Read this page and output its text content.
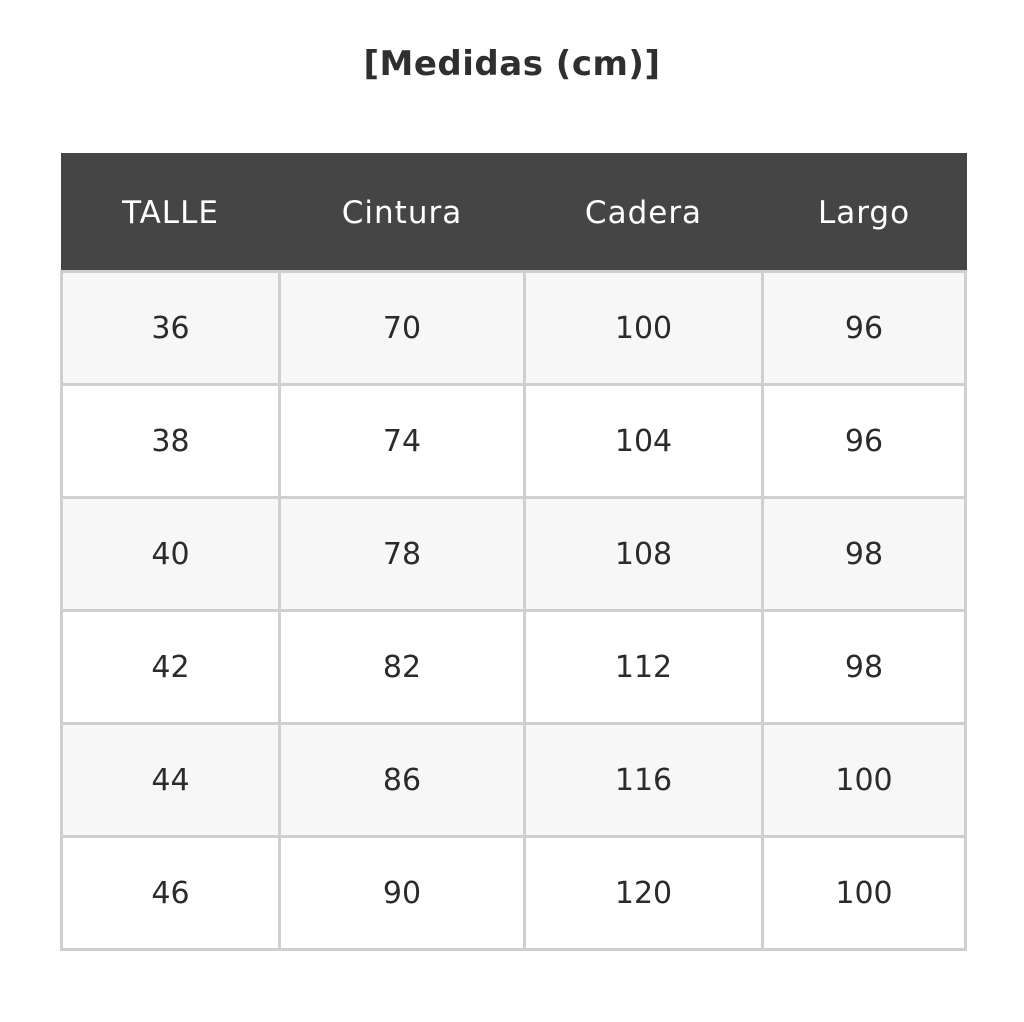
[Medidas (cm)]
TALLE	Cintura	Cadera	Largo
36	70	100	96
38	74	104	96
40	78	108	98
42	82	112	98
44	86	116	100
46	90	120	100
